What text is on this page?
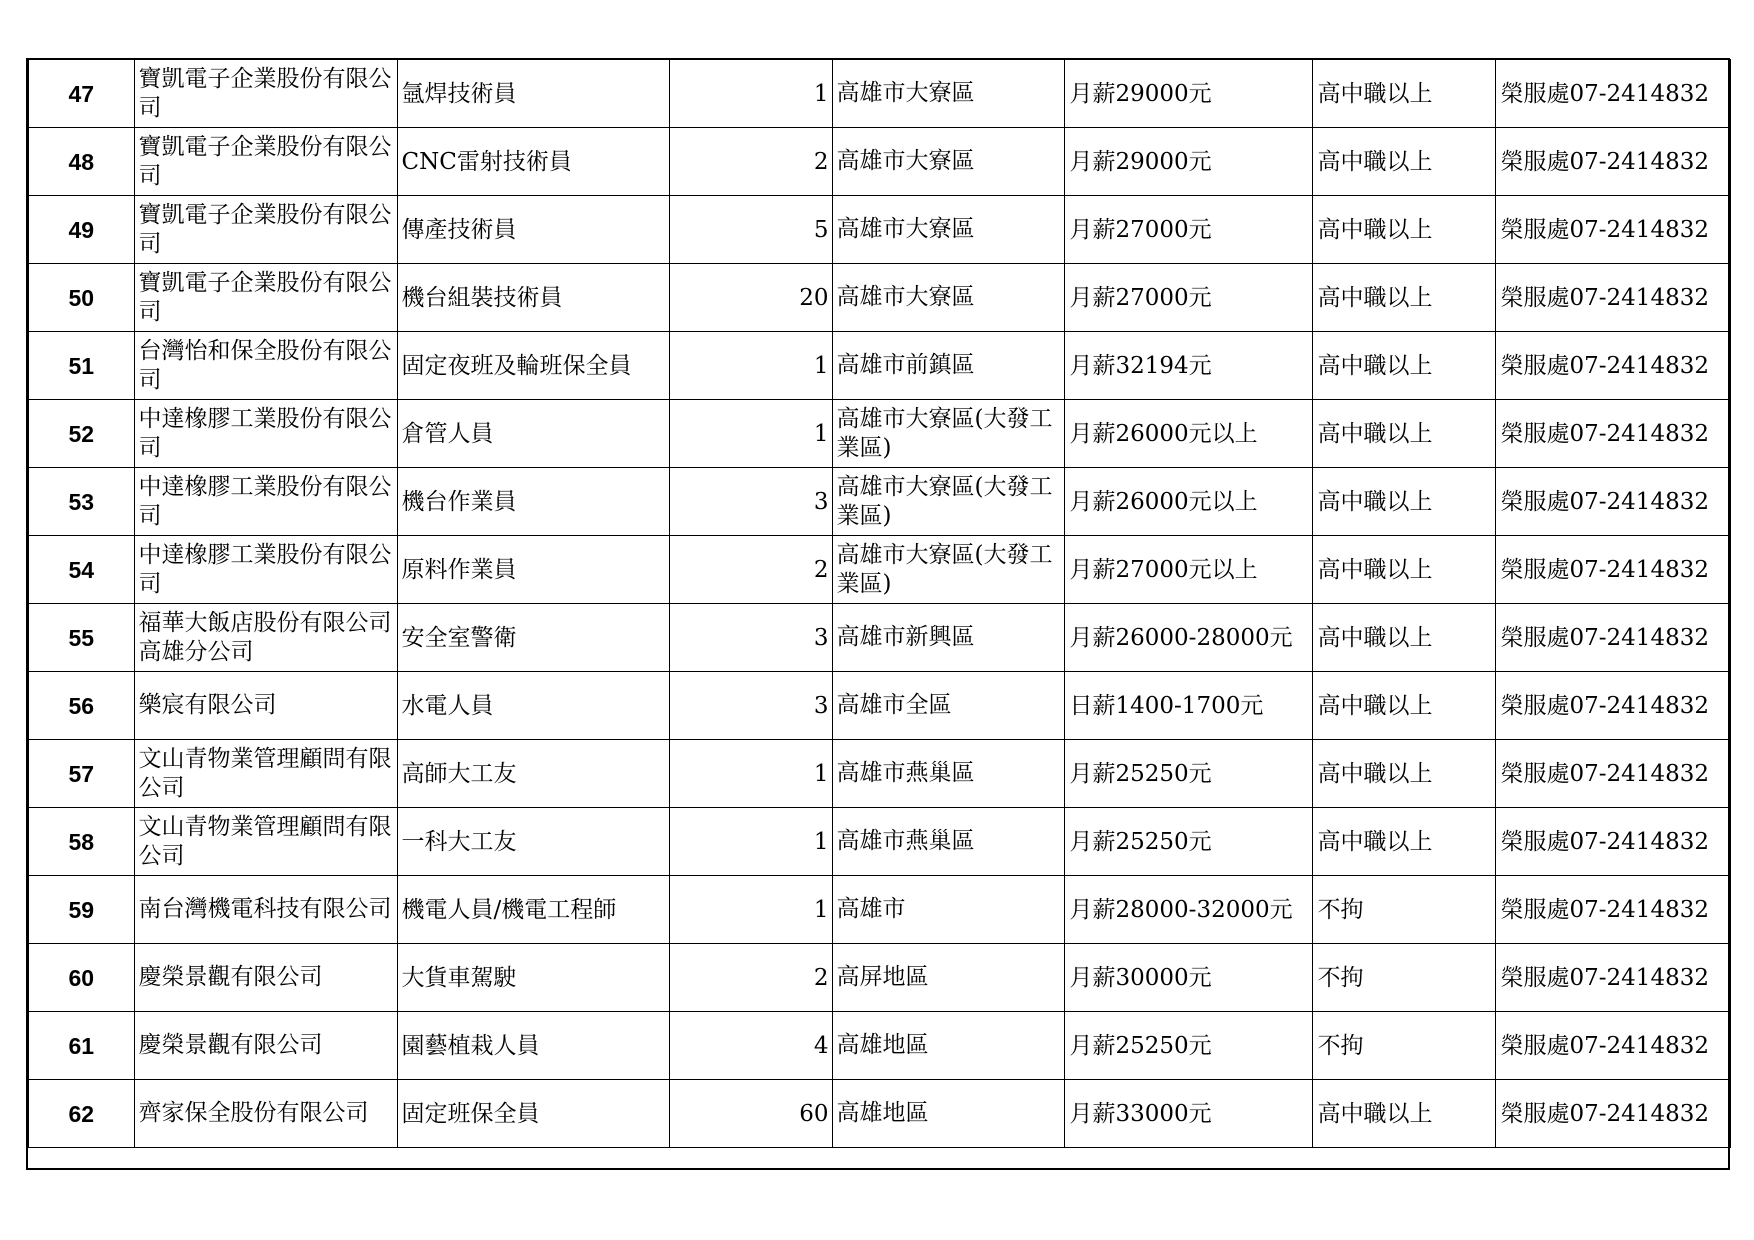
47	寶凱電子企業股份有限公司	氬焊技術員	1	高雄市大寮區	月薪29000元	高中職以上	榮服處07-2414832
48	寶凱電子企業股份有限公司	CNC雷射技術員	2	高雄市大寮區	月薪29000元	高中職以上	榮服處07-2414832
49	寶凱電子企業股份有限公司	傳產技術員	5	高雄市大寮區	月薪27000元	高中職以上	榮服處07-2414832
50	寶凱電子企業股份有限公司	機台組裝技術員	20	高雄市大寮區	月薪27000元	高中職以上	榮服處07-2414832
51	台灣怡和保全股份有限公司	固定夜班及輪班保全員	1	高雄市前鎮區	月薪32194元	高中職以上	榮服處07-2414832
52	中達橡膠工業股份有限公司	倉管人員	1	高雄市大寮區(大發工業區)	月薪26000元以上	高中職以上	榮服處07-2414832
53	中達橡膠工業股份有限公司	機台作業員	3	高雄市大寮區(大發工業區)	月薪26000元以上	高中職以上	榮服處07-2414832
54	中達橡膠工業股份有限公司	原料作業員	2	高雄市大寮區(大發工業區)	月薪27000元以上	高中職以上	榮服處07-2414832
55	福華大飯店股份有限公司高雄分公司	安全室警衛	3	高雄市新興區	月薪26000-28000元	高中職以上	榮服處07-2414832
56	樂宸有限公司	水電人員	3	高雄市全區	日薪1400-1700元	高中職以上	榮服處07-2414832
57	文山青物業管理顧問有限公司	高師大工友	1	高雄市燕巢區	月薪25250元	高中職以上	榮服處07-2414832
58	文山青物業管理顧問有限公司	一科大工友	1	高雄市燕巢區	月薪25250元	高中職以上	榮服處07-2414832
59	南台灣機電科技有限公司	機電人員/機電工程師	1	高雄市	月薪28000-32000元	不拘	榮服處07-2414832
60	慶榮景觀有限公司	大貨車駕駛	2	高屏地區	月薪30000元	不拘	榮服處07-2414832
61	慶榮景觀有限公司	園藝植栽人員	4	高雄地區	月薪25250元	不拘	榮服處07-2414832
62	齊家保全股份有限公司	固定班保全員	60	高雄地區	月薪33000元	高中職以上	榮服處07-2414832
